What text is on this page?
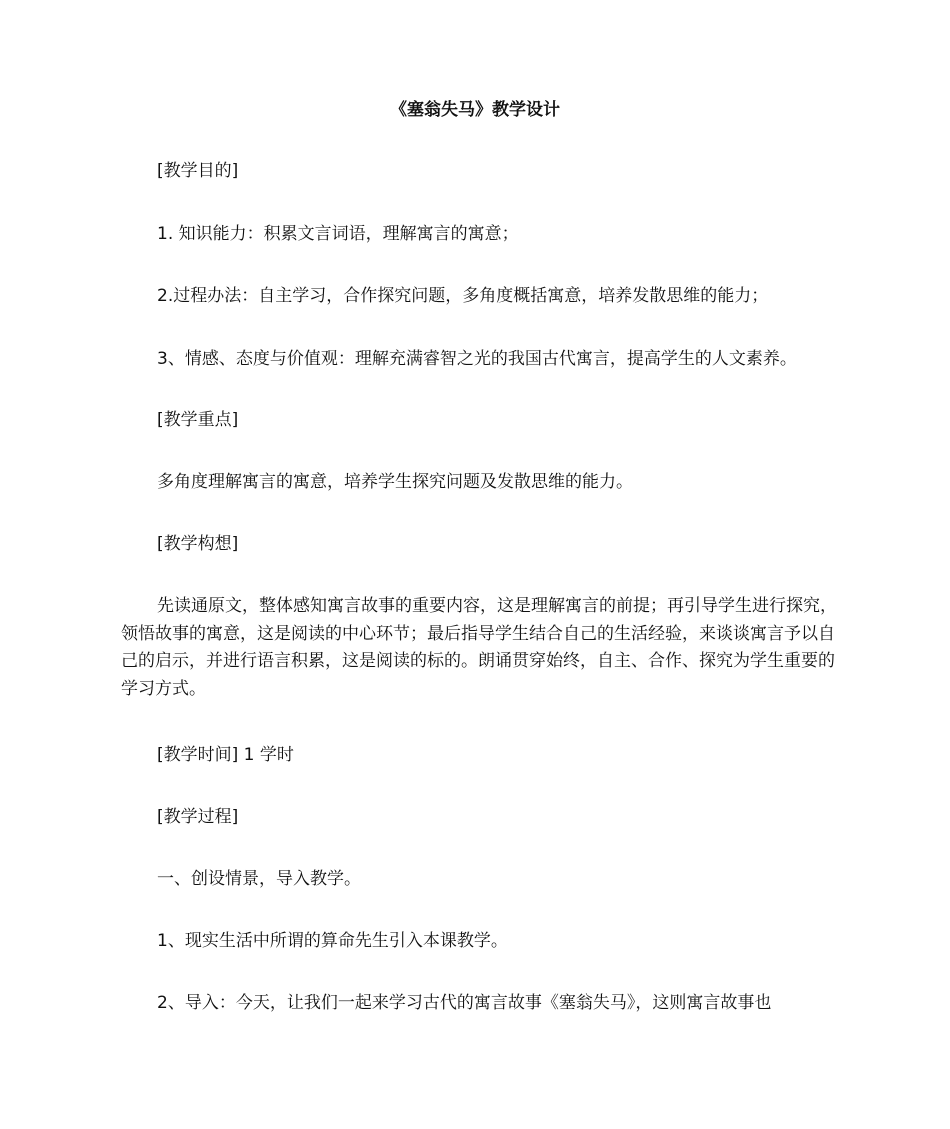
《塞翁失马》教学设计

[教学目的]

1. 知识能力：积累文言词语，理解寓言的寓意；

2.过程办法：自主学习，合作探究问题，多角度概括寓意，培养发散思维的能力；

3、情感、态度与价值观：理解充满睿智之光的我国古代寓言，提高学生的人文素养。

[教学重点]

多角度理解寓言的寓意，培养学生探究问题及发散思维的能力。

[教学构想]

先读通原文，整体感知寓言故事的重要内容，这是理解寓言的前提；再引导学生进行探究，领悟故事的寓意，这是阅读的中心环节；最后指导学生结合自己的生活经验，来谈谈寓言予以自己的启示，并进行语言积累，这是阅读的标的。朗诵贯穿始终，自主、合作、探究为学生重要的学习方式。

[教学时间] 1 学时

[教学过程]

一、创设情景，导入教学。

1、现实生活中所谓的算命先生引入本课教学。

2、导入：今天，让我们一起来学习古代的寓言故事《塞翁失马》，这则寓言故事也
